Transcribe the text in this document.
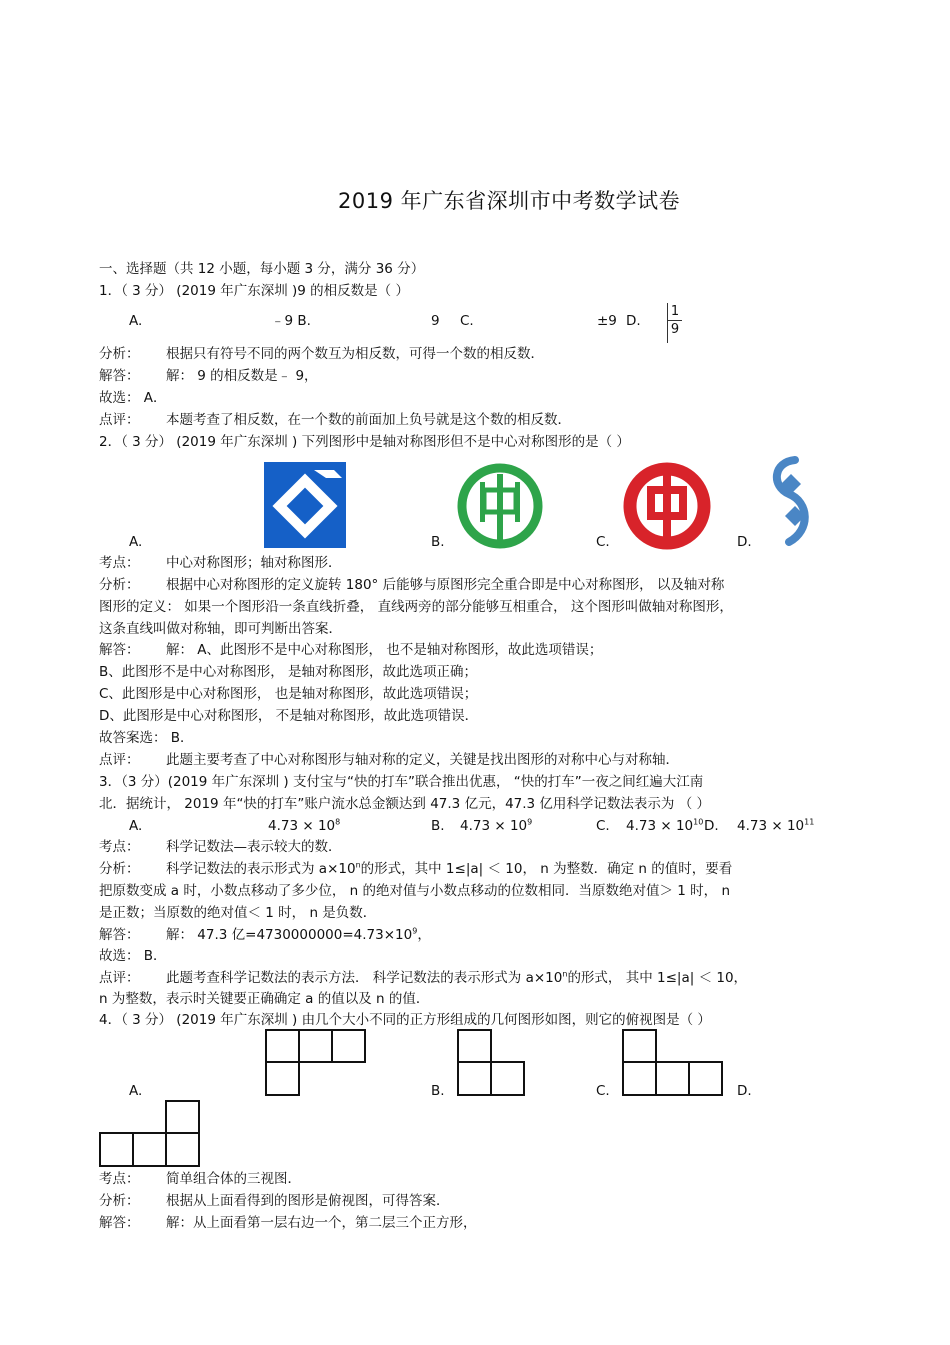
2019 年广东省深圳市中考数学试卷
一、选择题（共 12 小题，每小题 3 分，满分 36 分）
1．（ 3 分） (2019 年广东深圳 )9 的相反数是（ ）
A.	﹣9 B.	9 C.	±9 D. $\frac{1}{9}$
分析： 根据只有符号不同的两个数互为相反数，可得一个数的相反数．
解答： 解： 9 的相反数是﹣ 9，
故选： A．
点评： 本题考查了相反数，在一个数的前面加上负号就是这个数的相反数．
2．（ 3 分） (2019 年广东深圳 ) 下列图形中是轴对称图形但不是中心对称图形的是（ ）
A.	B.	C.	D.
考点： 中心对称图形；轴对称图形．
分析： 根据中心对称图形的定义旋转 180° 后能够与原图形完全重合即是中心对称图形， 以及轴对称
图形的定义： 如果一个图形沿一条直线折叠， 直线两旁的部分能够互相重合， 这个图形叫做轴对称图形，
这条直线叫做对称轴，即可判断出答案．
解答： 解： A、此图形不是中心对称图形， 也不是轴对称图形，故此选项错误；
B、此图形不是中心对称图形， 是轴对称图形，故此选项正确；
C、此图形是中心对称图形， 也是轴对称图形，故此选项错误；
D、此图形是中心对称图形， 不是轴对称图形，故此选项错误．
故答案选： B．
点评： 此题主要考查了中心对称图形与轴对称的定义，关键是找出图形的对称中心与对称轴．
3．（3 分）(2019 年广东深圳 ) 支付宝与“快的打车”联合推出优惠， “快的打车”一夜之间红遍大江南
北．据统计， 2019 年“快的打车”账户流水总金额达到 47.3 亿元，47.3 亿用科学记数法表示为 （ ）
A.	$4.73 \times 10^8$	B. $4.73 \times 10^9$	C. $4.73 \times 10^{10}$ D. $4.73 \times 10^{11}$
考点： 科学记数法—表示较大的数．
分析： 科学记数法的表示形式为 $a\times 10^n$的形式，其中 1≤|a| ＜ 10， n 为整数．确定 n 的值时，要看
把原数变成 a 时，小数点移动了多少位， n 的绝对值与小数点移动的位数相同．当原数绝对值＞ 1 时， n
是正数；当原数的绝对值＜ 1 时， n 是负数．
解答： 解： 47.3 亿$=4730000000=4.73\times 10^9$，
故选： B．
点评： 此题考查科学记数法的表示方法． 科学记数法的表示形式为 $a\times 10^n$的形式， 其中 1≤|a| ＜ 10，
n 为整数，表示时关键要正确确定 a 的值以及 n 的值．
4．（ 3 分） (2019 年广东深圳 ) 由几个大小不同的正方形组成的几何图形如图，则它的俯视图是（ ）
A.	B.	C.	D.
考点： 简单组合体的三视图．
分析： 根据从上面看得到的图形是俯视图，可得答案．
解答： 解：从上面看第一层右边一个，第二层三个正方形，
